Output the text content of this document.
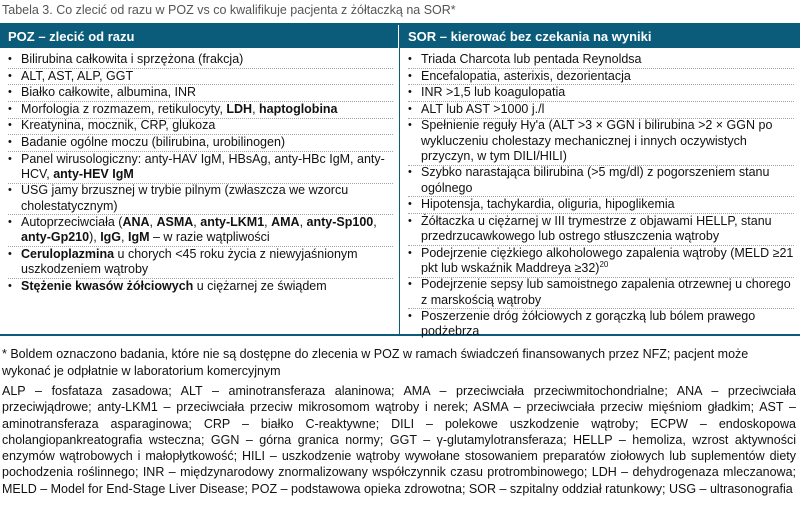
Tabela 3. Co zlecić od razu w POZ vs co kwalifikuje pacjenta z żółtaczką na SOR*
POZ – zlecić od razu
• Bilirubina całkowita i sprzężona (frakcja)
• ALT, AST, ALP, GGT
• Białko całkowite, albumina, INR
• Morfologia z rozmazem, retikulocyty, LDH, haptoglobina
• Kreatynina, mocznik, CRP, glukoza
• Badanie ogólne moczu (bilirubina, urobilinogen)
• Panel wirusologiczny: anty-HAV IgM, HBsAg, anty-HBc IgM, anty-HCV, anty-HEV IgM
• USG jamy brzusznej w trybie pilnym (zwłaszcza we wzorcu cholestatycznym)
• Autoprzeciwciała (ANA, ASMA, anty-LKM1, AMA, anty-Sp100, anty-Gp210), IgG, IgM – w razie wątpliwości
• Ceruloplazmina u chorych <45 roku życia z niewyjaśnionym uszkodzeniem wątroby
• Stężenie kwasów żółciowych u ciężarnej ze świądem
SOR – kierować bez czekania na wyniki
• Triada Charcota lub pentada Reynoldsa
• Encefalopatia, asterixis, dezorientacja
• INR >1,5 lub koagulopatia
• ALT lub AST >1000 j./l
• Spełnienie reguły Hy'a (ALT >3 × GGN i bilirubina >2 × GGN po wykluczeniu cholestazy mechanicznej i innych oczywistych przyczyn, w tym DILI/HILI)
• Szybko narastająca bilirubina (>5 mg/dl) z pogorszeniem stanu ogólnego
• Hipotensja, tachykardia, oliguria, hipoglikemia
• Żółtaczka u ciężarnej w III trymestrze z objawami HELLP, stanu przedrzucawkowego lub ostrego stłuszczenia wątroby
• Podejrzenie ciężkiego alkoholowego zapalenia wątroby (MELD ≥21 pkt lub wskaźnik Maddreya ≥32)$^{20}$
• Podejrzenie sepsy lub samoistnego zapalenia otrzewnej u chorego z marskością wątroby
• Poszerzenie dróg żółciowych z gorączką lub bólem prawego podżebrza
* Boldem oznaczono badania, które nie są dostępne do zlecenia w POZ w ramach świadczeń finansowanych przez NFZ; pacjent może wykonać je odpłatnie w laboratorium komercyjnym
ALP – fosfataza zasadowa; ALT – aminotransferaza alaninowa; AMA – przeciwciała przeciwmitochondrialne; ANA – przeciwciała przeciwjądrowe; anty-LKM1 – przeciwciała przeciw mikrosomom wątroby i nerek; ASMA – przeciwciała przeciw mięśniom gładkim; AST – aminotransferaza asparaginowa; CRP – białko C-reaktywne; DILI – polekowe uszkodzenie wątroby; ECPW – endoskopowa cholangiopankreatografia wsteczna; GGN – górna granica normy; GGT – γ-glutamylotransferaza; HELLP – hemoliza, wzrost aktywności enzymów wątrobowych i małopłytkowość; HILI – uszkodzenie wątroby wywołane stosowaniem preparatów ziołowych lub suplementów diety pochodzenia roślinnego; INR – międzynarodowy znormalizowany współczynnik czasu protrombinowego; LDH – dehydrogenaza mleczanowa; MELD – Model for End-Stage Liver Disease; POZ – podstawowa opieka zdrowotna; SOR – szpitalny oddział ratunkowy; USG – ultrasonografia
